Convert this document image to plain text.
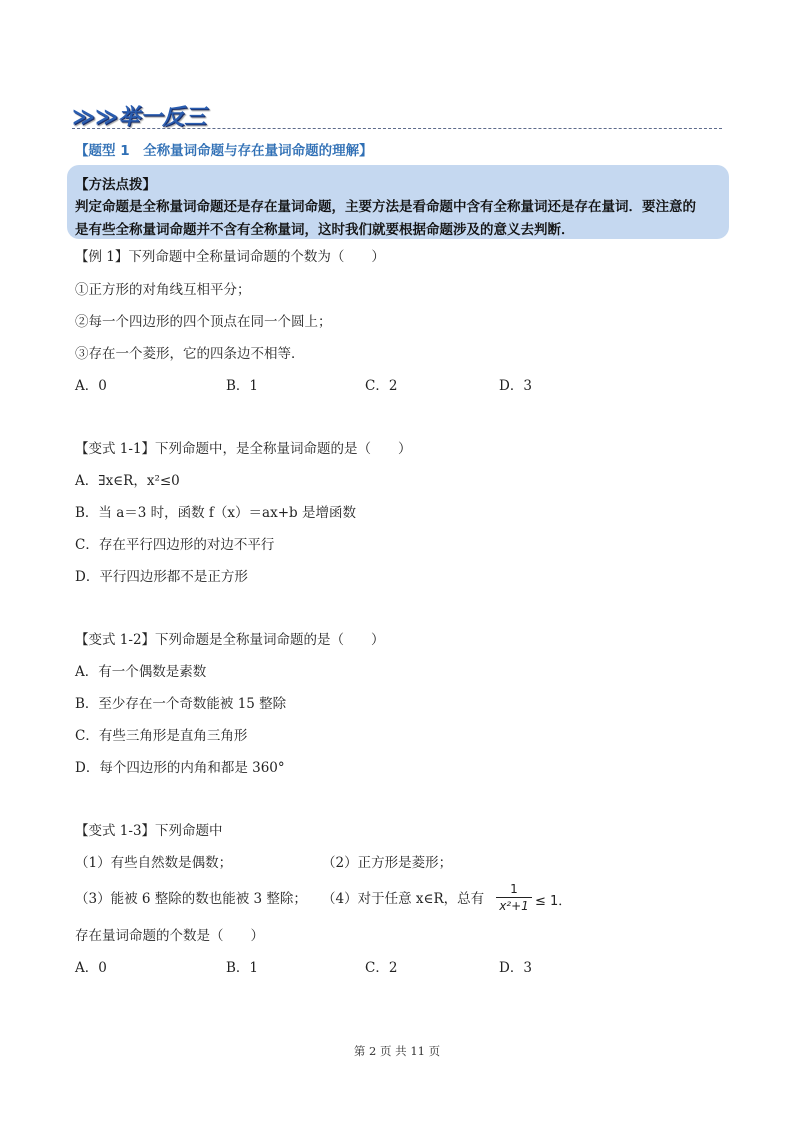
≫≫举一反三
【题型 1　全称量词命题与存在量词命题的理解】
【方法点拨】
判定命题是全称量词命题还是存在量词命题，主要方法是看命题中含有全称量词还是存在量词．要注意的
是有些全称量词命题并不含有全称量词，这时我们就要根据命题涉及的意义去判断．
【例 1】下列命题中全称量词命题的个数为（　　）
①正方形的对角线互相平分；
②每一个四边形的四个顶点在同一个圆上；
③存在一个菱形，它的四条边不相等．
A．0	B．1	C．2	D．3
【变式 1-1】下列命题中，是全称量词命题的是（　　）
A．∃x∈R，x²≤0
B．当 a＝3 时，函数 f（x）＝ax+b 是增函数
C．存在平行四边形的对边不平行
D．平行四边形都不是正方形
【变式 1-2】下列命题是全称量词命题的是（　　）
A．有一个偶数是素数
B．至少存在一个奇数能被 15 整除
C．有些三角形是直角三角形
D．每个四边形的内角和都是 360°
【变式 1-3】下列命题中
（1）有些自然数是偶数；	（2）正方形是菱形；
（3）能被 6 整除的数也能被 3 整除； （4）对于任意 x∈R，总有 $\frac{1}{\text{x²+1}} \le 1$．
存在量词命题的个数是（　　）
A．0	B．1	C．2	D．3
第 2 页 共 11 页
